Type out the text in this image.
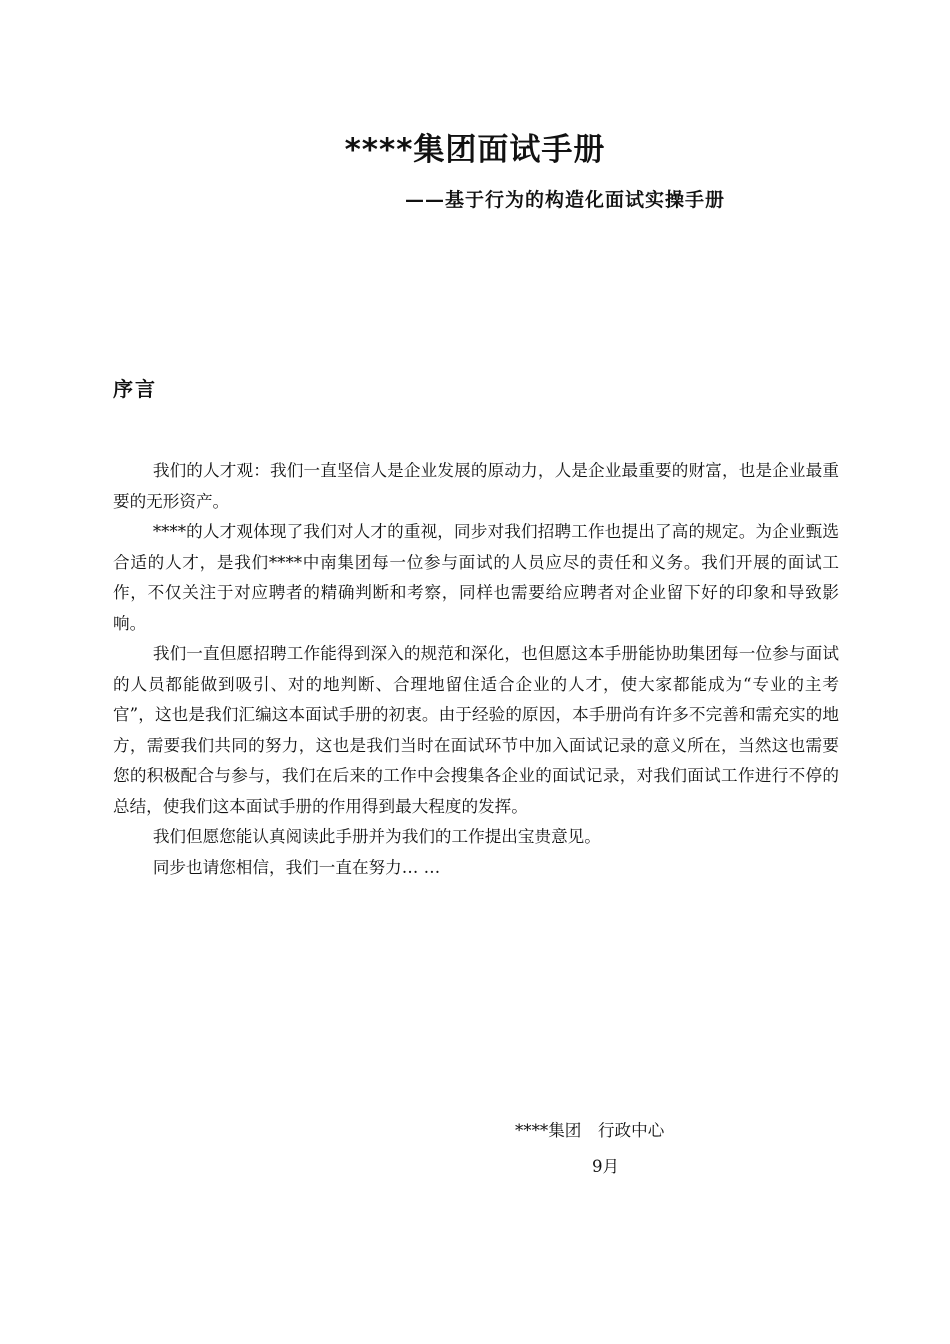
****集团面试手册
——基于行为的构造化面试实操手册
序言

我们的人才观：我们一直坚信人是企业发展的原动力，人是企业最重要的财富，也是企业最重要的无形资产。

****的人才观体现了我们对人才的重视，同步对我们招聘工作也提出了高的规定。为企业甄选合适的人才，是我们****中南集团每一位参与面试的人员应尽的责任和义务。我们开展的面试工作，不仅关注于对应聘者的精确判断和考察，同样也需要给应聘者对企业留下好的印象和导致影响。

我们一直但愿招聘工作能得到深入的规范和深化，也但愿这本手册能协助集团每一位参与面试的人员都能做到吸引、对的地判断、合理地留住适合企业的人才，使大家都能成为“专业的主考官”，这也是我们汇编这本面试手册的初衷。由于经验的原因，本手册尚有许多不完善和需充实的地方，需要我们共同的努力，这也是我们当时在面试环节中加入面试记录的意义所在，当然这也需要您的积极配合与参与，我们在后来的工作中会搜集各企业的面试记录，对我们面试工作进行不停的总结，使我们这本面试手册的作用得到最大程度的发挥。

我们但愿您能认真阅读此手册并为我们的工作提出宝贵意见。

同步也请您相信，我们一直在努力… …

****集团　行政中心
9月
